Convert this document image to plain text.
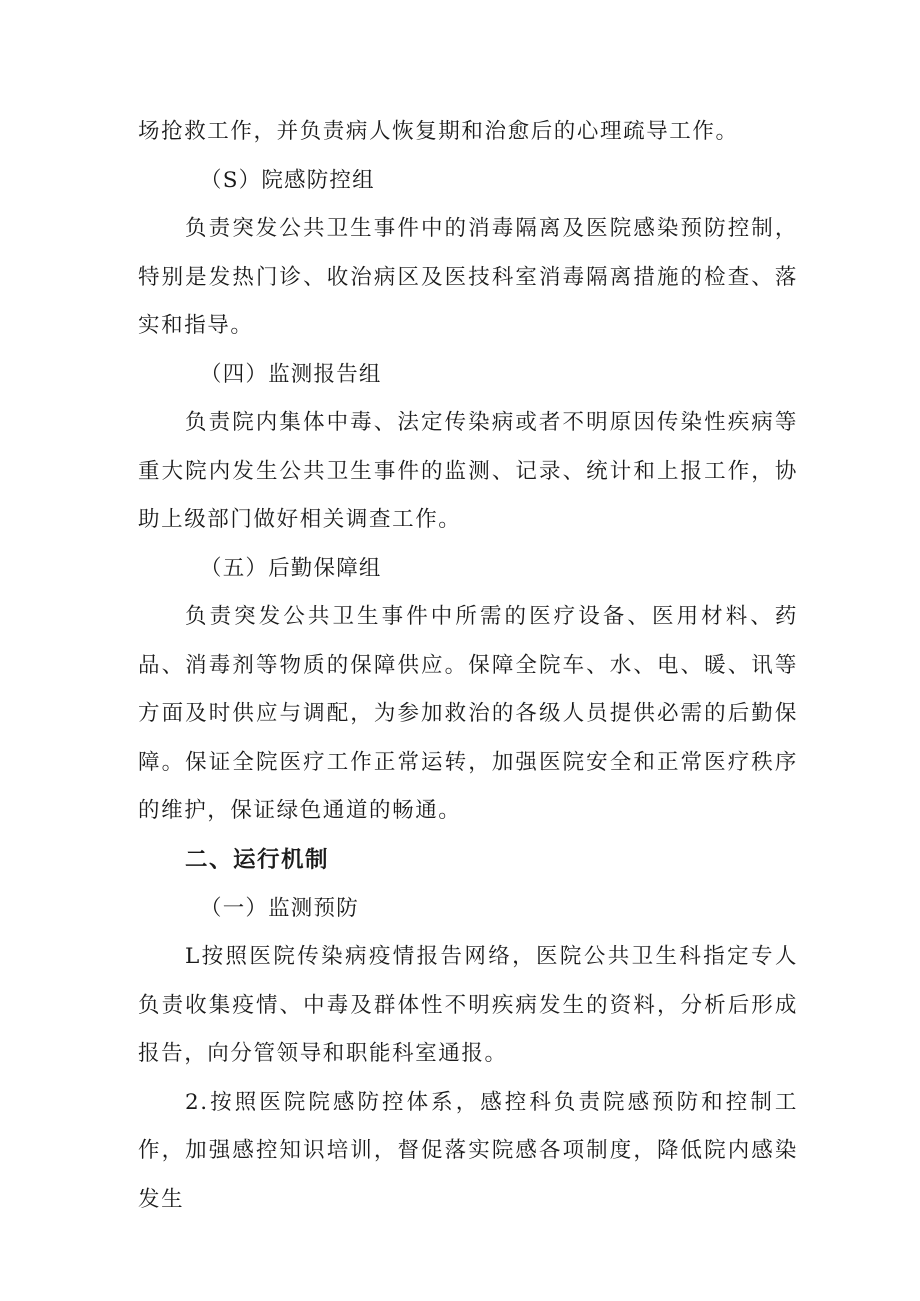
场抢救工作，并负责病人恢复期和治愈后的心理疏导工作。

（S）院感防控组

负责突发公共卫生事件中的消毒隔离及医院感染预防控制，特别是发热门诊、收治病区及医技科室消毒隔离措施的检查、落实和指导。

（四）监测报告组

负责院内集体中毒、法定传染病或者不明原因传染性疾病等重大院内发生公共卫生事件的监测、记录、统计和上报工作，协助上级部门做好相关调查工作。

（五）后勤保障组

负责突发公共卫生事件中所需的医疗设备、医用材料、药品、消毒剂等物质的保障供应。保障全院车、水、电、暖、讯等方面及时供应与调配，为参加救治的各级人员提供必需的后勤保障。保证全院医疗工作正常运转，加强医院安全和正常医疗秩序的维护，保证绿色通道的畅通。

二、运行机制

（一）监测预防

L按照医院传染病疫情报告网络，医院公共卫生科指定专人负责收集疫情、中毒及群体性不明疾病发生的资料，分析后形成报告，向分管领导和职能科室通报。

2.按照医院院感防控体系，感控科负责院感预防和控制工作，加强感控知识培训，督促落实院感各项制度，降低院内感染发生
